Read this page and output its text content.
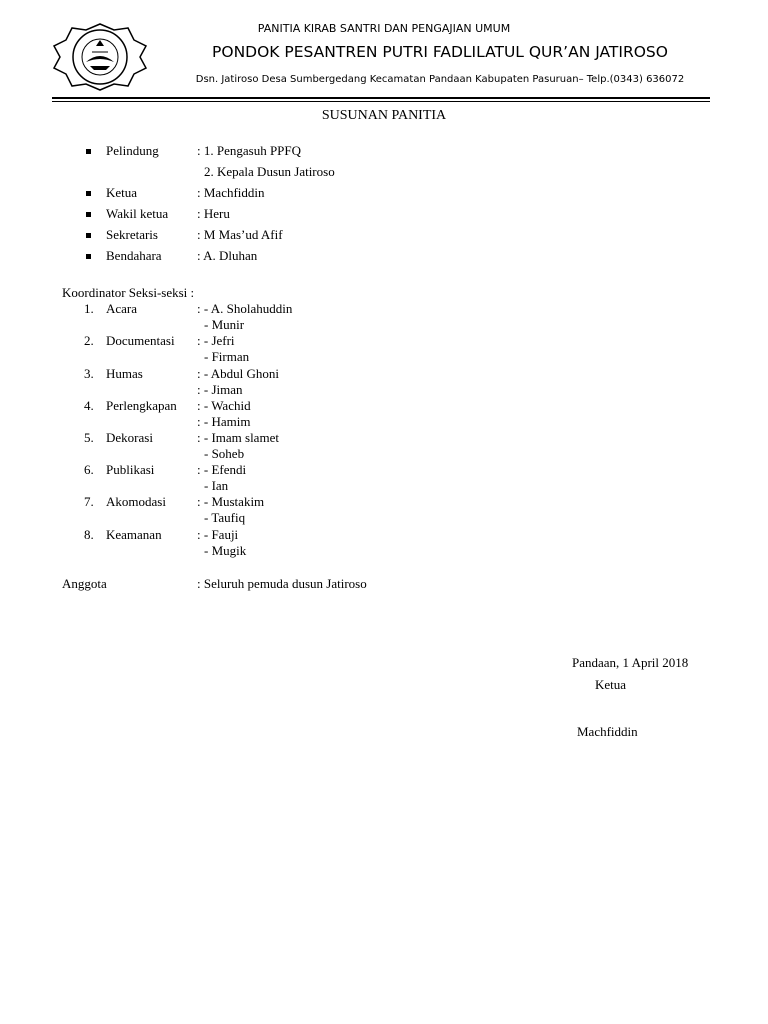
PANITIA KIRAB SANTRI DAN PENGAJIAN UMUM
PONDOK PESANTREN PUTRI FADLILATUL QUR’AN JATIROSO
Dsn. Jatiroso Desa Sumbergedang Kecamatan Pandaan Kabupaten Pasuruan– Telp.(0343) 636072
SUSUNAN PANITIA
Pelindung	: 1. Pengasuh PPFQ
2. Kepala Dusun Jatiroso
Ketua	: Machfiddin
Wakil ketua : Heru
Sekretaris	: M Mas’ud Afif
Bendahara	: A. Dluhan
Koordinator Seksi-seksi :
1. Acara	: - A. Sholahuddin
- Munir
2. Documentasi : - Jefri
- Firman
3. Humas	: - Abdul Ghoni
: - Jiman
4. Perlengkapan : - Wachid
: - Hamim
5. Dekorasi	: - Imam slamet
- Soheb
6. Publikasi	: - Efendi
- Ian
7. Akomodasi : - Mustakim
- Taufiq
8. Keamanan	: - Fauji
- Mugik
Anggota	: Seluruh pemuda dusun Jatiroso
Pandaan, 1 April 2018
Ketua
Machfiddin
